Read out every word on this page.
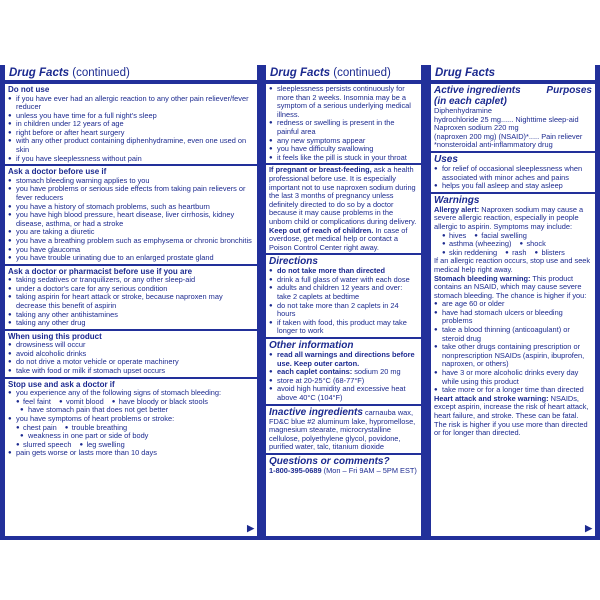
Drug Facts (continued)
Do not use
● if you have ever had an allergic reaction to any other pain reliever/fever reducer
● unless you have time for a full night's sleep
● in children under 12 years of age
● right before or after heart surgery
● with any other product containing diphenhydramine, even one used on skin
● if you have sleeplessness without pain
Ask a doctor before use if
● stomach bleeding warning applies to you
● you have problems or serious side effects from taking pain relievers or fever reducers
● you have a history of stomach problems, such as heartburn
● you have high blood pressure, heart disease, liver cirrhosis, kidney disease, asthma, or had a stroke
● you are taking a diuretic
● you have a breathing problem such as emphysema or chronic bronchitis
● you have glaucoma
● you have trouble urinating due to an enlarged prostate gland
Ask a doctor or pharmacist before use if you are
● taking sedatives or tranquilizers, or any other sleep-aid
● under a doctor's care for any serious condition
● taking aspirin for heart attack or stroke, because naproxen may decrease this benefit of aspirin
● taking any other antihistamines
● taking any other drug
When using this product
● drowsiness will occur
● avoid alcoholic drinks
● do not drive a motor vehicle or operate machinery
● take with food or milk if stomach upset occurs
Stop use and ask a doctor if
● you experience any of the following signs of stomach bleeding:
● feel faint	● vomit blood	● have bloody or black stools
● have stomach pain that does not get better
● you have symptoms of heart problems or stroke:
● chest pain	● trouble breathing
● weakness in one part or side of body
● slurred speech	● leg swelling
● pain gets worse or lasts more than 10 days
▶
Drug Facts (continued)
● sleeplessness persists continuously for more than 2 weeks. Insomnia may be a symptom of a serious underlying medical illness.
● redness or swelling is present in the painful area
● any new symptoms appear
● you have difficulty swallowing
● it feels like the pill is stuck in your throat
If pregnant or breast-feeding, ask a health professional before use. It is especially important not to use naproxen sodium during the last 3 months of pregnancy unless definitely directed to do so by a doctor because it may cause problems in the unborn child or complications during delivery.
Keep out of reach of children. In case of overdose, get medical help or contact a Poison Control Center right away.
Directions
● do not take more than directed
● drink a full glass of water with each dose
● adults and children 12 years and over: take 2 caplets at bedtime
● do not take more than 2 caplets in 24 hours
● if taken with food, this product may take longer to work
Other information
● read all warnings and directions before use. Keep outer carton.
● each caplet contains: sodium 20 mg
● store at 20-25°C (68-77°F)
● avoid high humidity and excessive heat above 40°C (104°F)
Inactive ingredients carnauba wax, FD&C blue #2 aluminum lake, hypromellose, magnesium stearate, microcrystalline cellulose, polyethylene glycol, povidone, purified water, talc, titanium dioxide
Questions or comments?
1-800-395-0689 (Mon – Fri 9AM – 5PM EST)
Drug Facts
Active ingredients	Purposes
(in each caplet)
Diphenhydramine
hydrochloride 25 mg...... Nighttime sleep-aid
Naproxen sodium 220 mg
(naproxen 200 mg) (NSAID)*..... Pain reliever
*nonsteroidal anti-inflammatory drug
Uses
● for relief of occasional sleeplessness when associated with minor aches and pains
● helps you fall asleep and stay asleep
Warnings
Allergy alert: Naproxen sodium may cause a severe allergic reaction, especially in people allergic to aspirin. Symptoms may include:
● hives	● facial swelling
● asthma (wheezing)	● shock
● skin reddening	● rash	● blisters
If an allergic reaction occurs, stop use and seek medical help right away.
Stomach bleeding warning: This product contains an NSAID, which may cause severe stomach bleeding. The chance is higher if you:
● are age 60 or older
● have had stomach ulcers or bleeding problems
● take a blood thinning (anticoagulant) or steroid drug
● take other drugs containing prescription or nonprescription NSAIDs (aspirin, ibuprofen, naproxen, or others)
● have 3 or more alcoholic drinks every day while using this product
● take more or for a longer time than directed
Heart attack and stroke warning: NSAIDs, except aspirin, increase the risk of heart attack, heart failure, and stroke. These can be fatal. The risk is higher if you use more than directed or for longer than directed.
▶
